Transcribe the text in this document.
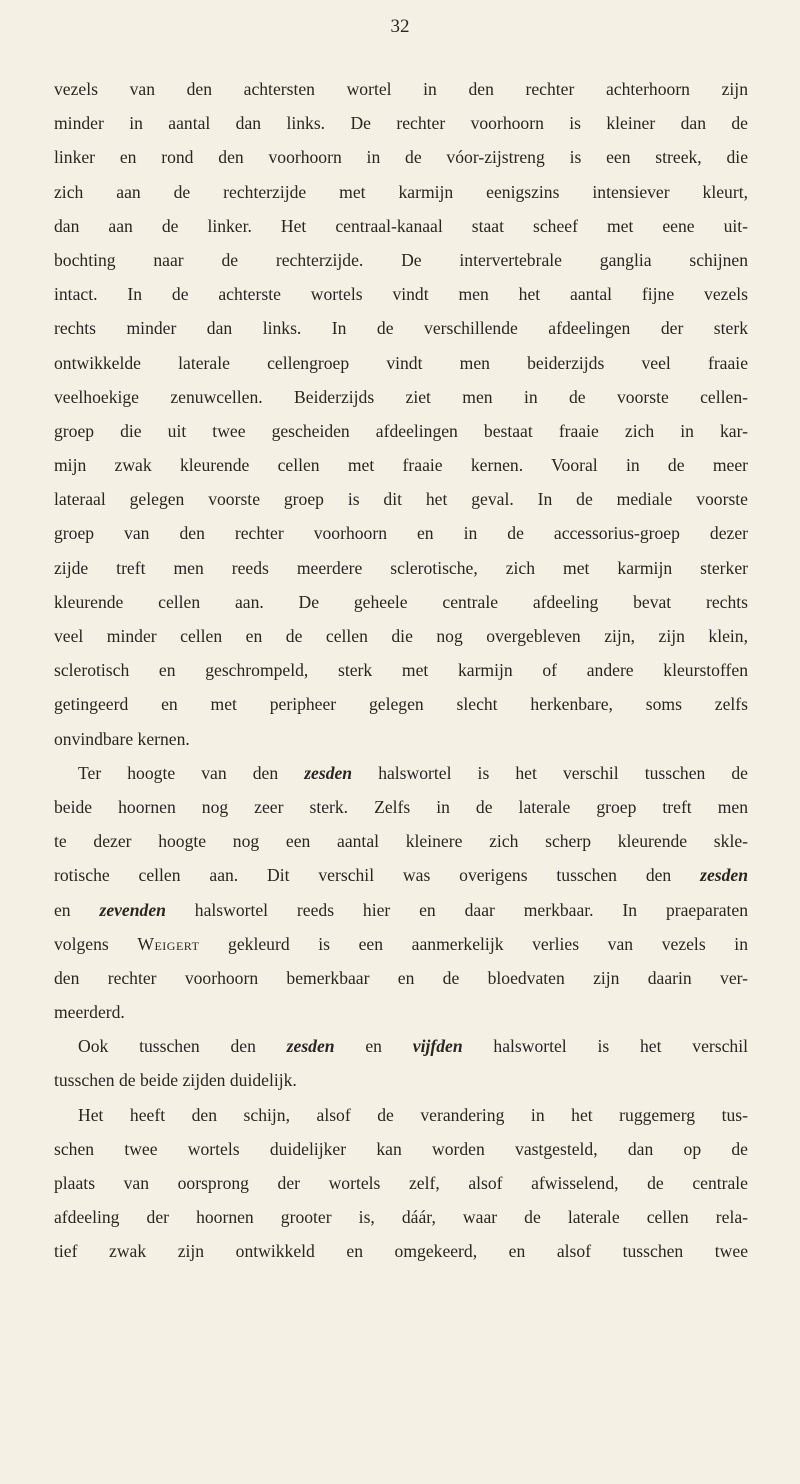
32
vezels van den achtersten wortel in den rechter achterhoorn zijn
minder in aantal dan links. De rechter voorhoorn is kleiner dan de
linker en rond den voorhoorn in de vóor-zijstreng is een streek, die
zich aan de rechterzijde met karmijn eenigszins intensiever kleurt,
dan aan de linker. Het centraal-kanaal staat scheef met eene uit-
bochting naar de rechterzijde. De intervertebrale ganglia schijnen
intact. In de achterste wortels vindt men het aantal fijne vezels
rechts minder dan links. In de verschillende afdeelingen der sterk
ontwikkelde laterale cellengroep vindt men beiderzijds veel fraaie
veelhoekige zenuwcellen. Beiderzijds ziet men in de voorste cellen-
groep die uit twee gescheiden afdeelingen bestaat fraaie zich in kar-
mijn zwak kleurende cellen met fraaie kernen. Vooral in de meer
lateraal gelegen voorste groep is dit het geval. In de mediale voorste
groep van den rechter voorhoorn en in de accessorius-groep dezer
zijde treft men reeds meerdere sclerotische, zich met karmijn sterker
kleurende cellen aan. De geheele centrale afdeeling bevat rechts
veel minder cellen en de cellen die nog overgebleven zijn, zijn klein,
sclerotisch en geschrompeld, sterk met karmijn of andere kleurstoffen
getingeerd en met peripheer gelegen slecht herkenbare, soms zelfs
onvindbare kernen.
Ter hoogte van den zesden halswortel is het verschil tusschen de
beide hoornen nog zeer sterk. Zelfs in de laterale groep treft men
te dezer hoogte nog een aantal kleinere zich scherp kleurende skle-
rotische cellen aan. Dit verschil was overigens tusschen den zesden
en zevenden halswortel reeds hier en daar merkbaar. In praeparaten
volgens Weigert gekleurd is een aanmerkelijk verlies van vezels in
den rechter voorhoorn bemerkbaar en de bloedvaten zijn daarin ver-
meerderd.
Ook tusschen den zesden en vijfden halswortel is het verschil
tusschen de beide zijden duidelijk.
Het heeft den schijn, alsof de verandering in het ruggemerg tus-
schen twee wortels duidelijker kan worden vastgesteld, dan op de
plaats van oorsprong der wortels zelf, alsof afwisselend, de centrale
afdeeling der hoornen grooter is, dáár, waar de laterale cellen rela-
tief zwak zijn ontwikkeld en omgekeerd, en alsof tusschen twee
